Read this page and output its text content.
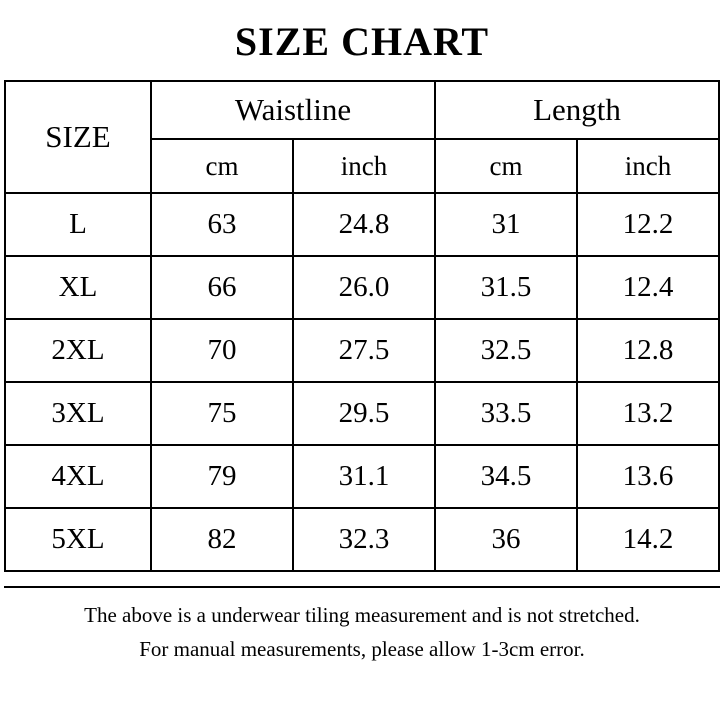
SIZE CHART
SIZE	Waistline		Length	
	cm	inch	cm	inch
L	63	24.8	31	12.2
XL	66	26.0	31.5	12.4
2XL	70	27.5	32.5	12.8
3XL	75	29.5	33.5	13.2
4XL	79	31.1	34.5	13.6
5XL	82	32.3	36	14.2
The above is a underwear tiling measurement and is not stretched.
For manual measurements, please allow 1-3cm error.
